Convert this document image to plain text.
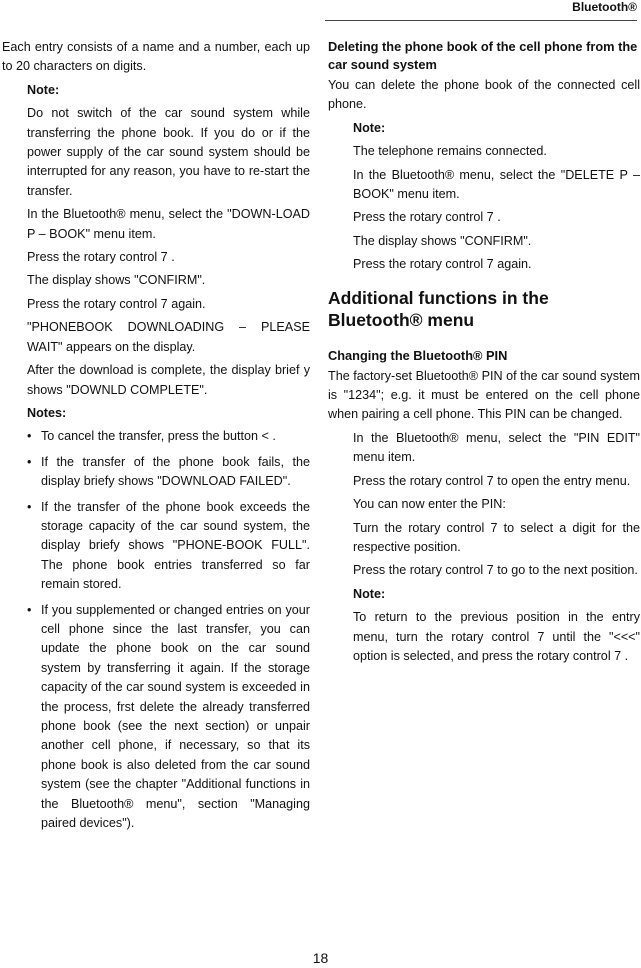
Bluetooth®

Each entry consists of a name and a number, each up to 20 characters on digits.

Note:

Do not switch of the car sound system while transferring the phone book. If you do or if the power supply of the car sound system should be interrupted for any reason, you have to re-start the transfer.

In the Bluetooth® menu, select the "DOWN-LOAD P – BOOK" menu item.

Press the rotary control 7 .

The display shows "CONFIRM".

Press the rotary control 7 again.

"PHONEBOOK DOWNLOADING – PLEASE WAIT" appears on the display.

After the download is complete, the display brief y shows "DOWNLD COMPLETE".

Notes:

• To cancel the transfer, press the button < .
• If the transfer of the phone book fails, the display briefy shows "DOWNLOAD FAILED".
• If the transfer of the phone book exceeds the storage capacity of the car sound system, the display briefy shows "PHONE-BOOK FULL". The phone book entries transferred so far remain stored.
• If you supplemented or changed entries on your cell phone since the last transfer, you can update the phone book on the car sound system by transferring it again. If the storage capacity of the car sound system is exceeded in the process, frst delete the already transferred phone book (see the next section) or unpair another cell phone, if necessary, so that its phone book is also deleted from the car sound system (see the chapter "Additional functions in the Bluetooth® menu", section "Managing paired devices").

Deleting the phone book of the cell phone from the car sound system

You can delete the phone book of the connected cell phone.

Note:

The telephone remains connected.

In the Bluetooth® menu, select the "DELETE P – BOOK" menu item.

Press the rotary control 7 .

The display shows "CONFIRM".

Press the rotary control 7 again.

Additional functions in the Bluetooth® menu

Changing the Bluetooth® PIN

The factory-set Bluetooth® PIN of the car sound system is "1234"; e.g. it must be entered on the cell phone when pairing a cell phone. This PIN can be changed.

In the Bluetooth® menu, select the "PIN EDIT" menu item.

Press the rotary control 7 to open the entry menu.

You can now enter the PIN:

Turn the rotary control 7 to select a digit for the respective position.

Press the rotary control 7 to go to the next position.

Note:

To return to the previous position in the entry menu, turn the rotary control 7 until the "<<<" option is selected, and press the rotary control 7 .

18
